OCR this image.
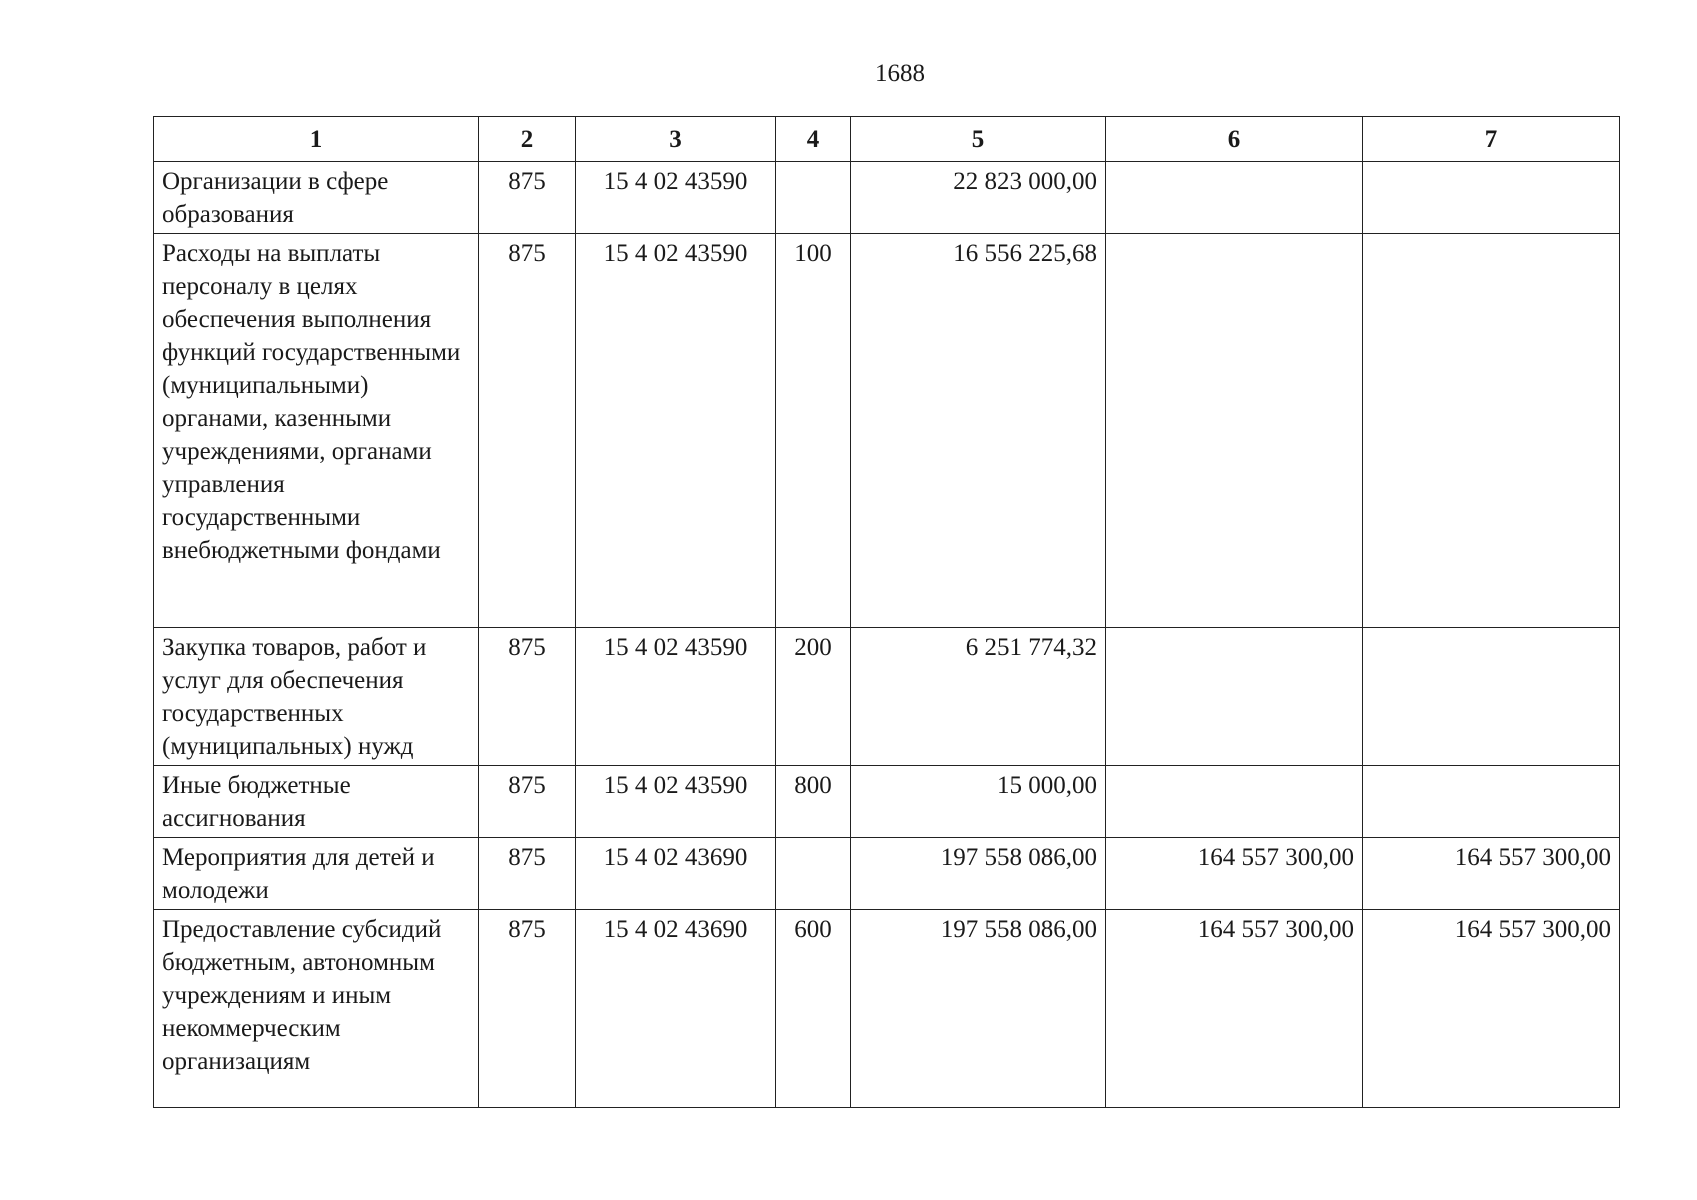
1688
1	2	3	4	5	6	7
Организации в сфере образования	875	15 4 02 43590		22 823 000,00		
Расходы на выплаты персоналу в целях обеспечения выполнения функций государственными (муниципальными) органами, казенными учреждениями, органами управления государственными внебюджетными фондами	875	15 4 02 43590	100	16 556 225,68		
Закупка товаров, работ и услуг для обеспечения государственных (муниципальных) нужд	875	15 4 02 43590	200	6 251 774,32		
Иные бюджетные ассигнования	875	15 4 02 43590	800	15 000,00		
Мероприятия для детей и молодежи	875	15 4 02 43690		197 558 086,00	164 557 300,00	164 557 300,00
Предоставление субсидий бюджетным, автономным учреждениям и иным некоммерческим организациям	875	15 4 02 43690	600	197 558 086,00	164 557 300,00	164 557 300,00
